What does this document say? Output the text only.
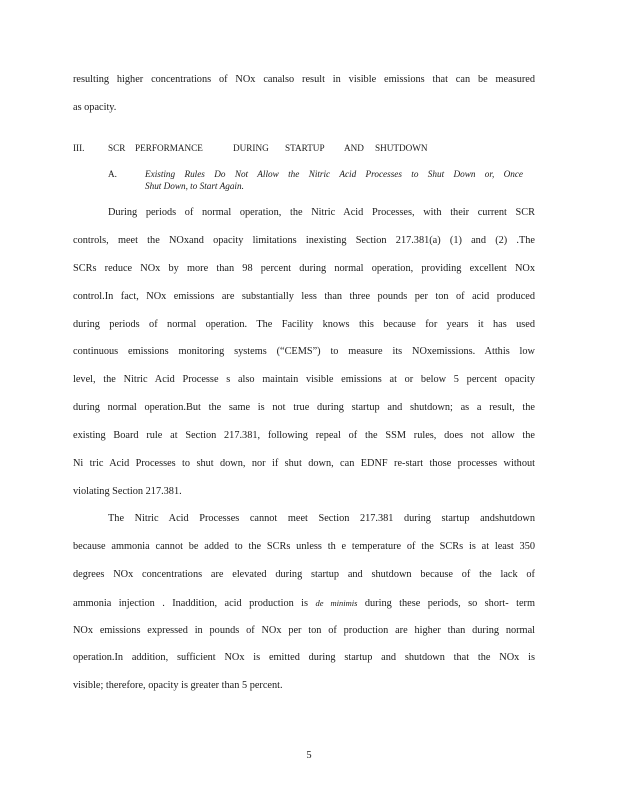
resulting higher concentrations of NOx canalso result in visible emissions that can be measured
as opacity.
III.	SCR PERFORMANCE	DURING STARTUP AND SHUTDOWN
A.	Existing Rules Do Not Allow the Nitric Acid Processes to Shut Down or, Once
Shut Down, to Start Again.
During periods of normal operation, the Nitric Acid Processes, with their current SCR
controls, meet the NOxand opacity limitations inexisting Section 217.381(a) (1) and (2) .The
SCRs reduce NOx by more than 98 percent during normal operation, providing excellent NOx
control.In fact, NOx emissions are substantially less than three pounds per ton of acid produced
during periods of normal operation. The Facility knows this because for years it has used
continuous emissions monitoring systems (“CEMS”) to measure its NOxemissions. Atthis low
level, the Nitric Acid Processe s also maintain visible emissions at or below 5 percent opacity
during normal operation.But the same is not true during startup and shutdown; as a result, the
existing Board rule at Section 217.381, following repeal of the SSM rules, does not allow the
Ni tric Acid Processes to shut down, nor if shut down, can EDNF re-start those processes without
violating Section 217.381.
The Nitric Acid Processes cannot meet Section 217.381 during startup andshutdown
because ammonia cannot be added to the SCRs unless th e temperature of the SCRs is at least 350
degrees NOx concentrations are elevated during startup and shutdown because of the lack of
ammonia injection . Inaddition, acid production is de minimis during these periods, so short- term
NOx emissions expressed in pounds of NOx per ton of production are higher than during normal
operation.In addition, sufficient NOx is emitted during startup and shutdown that the NOx is
visible; therefore, opacity is greater than 5 percent.
5
